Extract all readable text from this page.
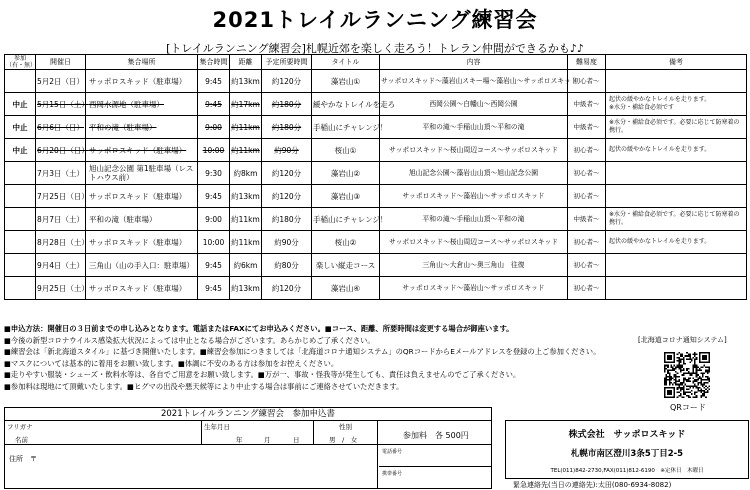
2021トレイルランニング練習会
[トレイルランニング練習会]札幌近郊を楽しく走ろう！トレラン仲間ができるかも♪♪
参加
（有・無）	開催日	集合場所	集合時間	距離	予定所要時間	タイトル	内容	難易度	備考
	5月2日（日）	サッポロスキッド（駐車場）	9:45	約13km	約120分	藻岩山①	サッポロスキッド～藻岩山スキー場～藻岩山～サッポロスキッド	初心者～	
中止	5月15日（土）	西岡水源地（駐車場）	9:45	約17km	約180分	緩やかなトレイルを走ろ	西岡公園～白幡山～西岡公園	中級者～	起伏の緩やかなトレイルを走ります。
※水分・補給食必須です
中止	6月6日（日）	平和の滝（駐車場）	9:00	約11km	約180分	手稲山にチャレンジ！	平和の滝～手稲山山頂～平和の滝	中級者～	※水分・補給食必須です。必要に応じて防寒着の携行。
中止	6月20日（日）	サッポロスキッド（駐車場）	10:00	約11km	約90分	桜山①	サッポロスキッド～桜山周辺コース～サッポロスキッド	初心者～	起伏の緩やかなトレイルを走ります。
	7月3日（土）	旭山記念公園 第1駐車場（レストハウス前）	9:30	約8km	約120分	藻岩山②	旭山記念公園～藻岩山山頂～旭山記念公園	初心者～	
	7月25日（日）	サッポロスキッド（駐車場）	9:45	約13km	約120分	藻岩山③	サッポロスキッド～藻岩山～サッポロスキッド	初心者～	
	8月7日（土）	平和の滝（駐車場）	9:00	約11km	約180分	手稲山にチャレンジ！	平和の滝～手稲山山頂～平和の滝	中級者～	※水分・補給食必須です。必要に応じて防寒着の携行。
	8月28日（土）	サッポロスキッド（駐車場）	10:00	約11km	約90分	桜山②	サッポロスキッド～桜山周辺コース～サッポロスキッド	初心者～	起伏の緩やかなトレイルを走ります。
	9月4日（土）	三角山（山の手入口：駐車場）	9:45	約6km	約80分	楽しい縦走コース	三角山～大倉山～奥三角山　往復	初心者～	
	9月25日（土）	サッポロスキッド（駐車場）	9:45	約13km	約120分	藻岩山④	サッポロスキッド～藻岩山～サッポロスキッド	初心者～	
■申込方法：開催日の３日前までの申し込みとなります。電話またはFAXにてお申込みください。■コース、距離、所要時間は変更する場合が御座います。
■今後の新型コロナウイルス感染拡大状況によっては中止となる場合がございます。あらかじめご了承ください。
■練習会は「新北海道スタイル」に基づき開催いたします。■練習会参加につきましては「北海道コロナ通知システム」のQRコードからEメールアドレスを登録の上ご参加ください。
■マスクについては基本的に着用をお願い致します。■体調に不安のある方は参加をお控えください。
■走りやすい服装・シューズ・飲料水等は、各自でご用意をお願い致します。■万が一、事故・怪我等が発生しても、責任は負えませんのでご了承ください。
■参加料は現地にて頂戴いたします。■ヒグマの出没や悪天候等により中止する場合は事前にご連絡させていただきます。
[北海道コロナ通知システム]
QRコード
2021トレイルランニング練習会　参加申込書
フリガナ
名前
生年月日
年	月	日
性別
男　/　女	参加料　各 500円
住所　〒
電話番号
携帯番号
株式会社　サッポロスキッド
札幌市南区澄川3条5丁目2-5
TEL(011)842-2730,FAX(011)812-6190　※定休日　木曜日
緊急連絡先(当日の連絡先):太田(080-6934-8082)
